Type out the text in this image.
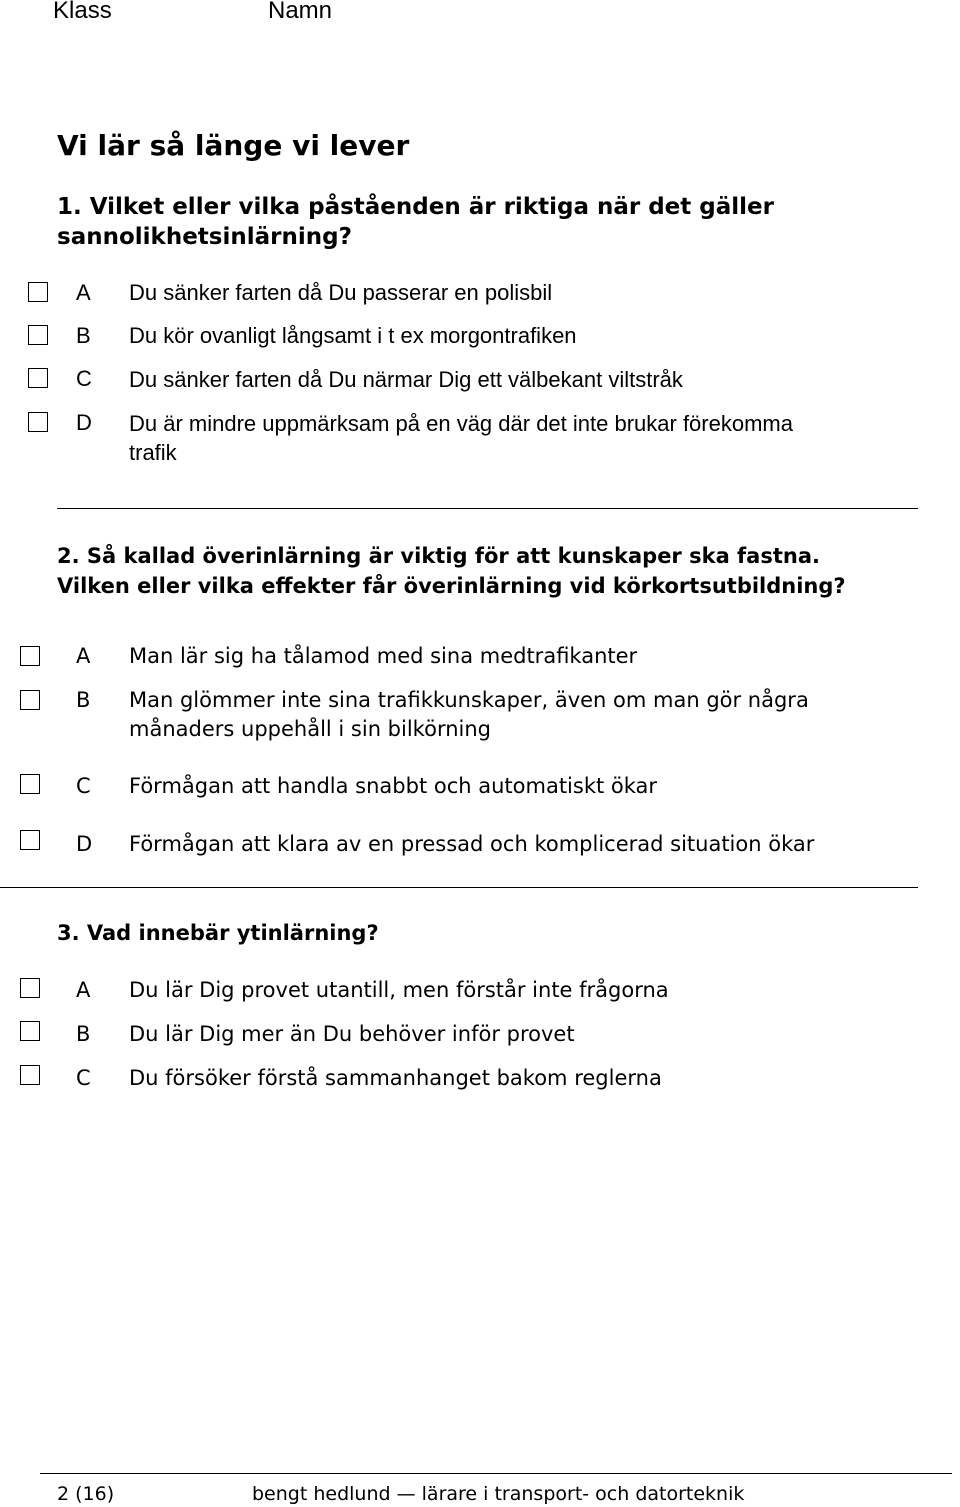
Klass	Namn
Vi lär så länge vi lever
1. Vilket eller vilka påståenden är riktiga när det gäller
sannolikhetsinlärning?
A Du sänker farten då Du passerar en polisbil
B Du kör ovanligt långsamt i t ex morgontrafiken
C Du sänker farten då Du närmar Dig ett välbekant viltstråk
D Du är mindre uppmärksam på en väg där det inte brukar förekomma
trafik
2. Så kallad överinlärning är viktig för att kunskaper ska fastna.
Vilken eller vilka effekter får överinlärning vid körkortsutbildning?
A Man lär sig ha tålamod med sina medtrafikanter
B Man glömmer inte sina trafikkunskaper, även om man gör några
månaders uppehåll i sin bilkörning
C Förmågan att handla snabbt och automatiskt ökar
D Förmågan att klara av en pressad och komplicerad situation ökar
3. Vad innebär ytinlärning?
A Du lär Dig provet utantill, men förstår inte frågorna
B Du lär Dig mer än Du behöver inför provet
C Du försöker förstå sammanhanget bakom reglerna
2 (16)	bengt hedlund — lärare i transport- och datorteknik
